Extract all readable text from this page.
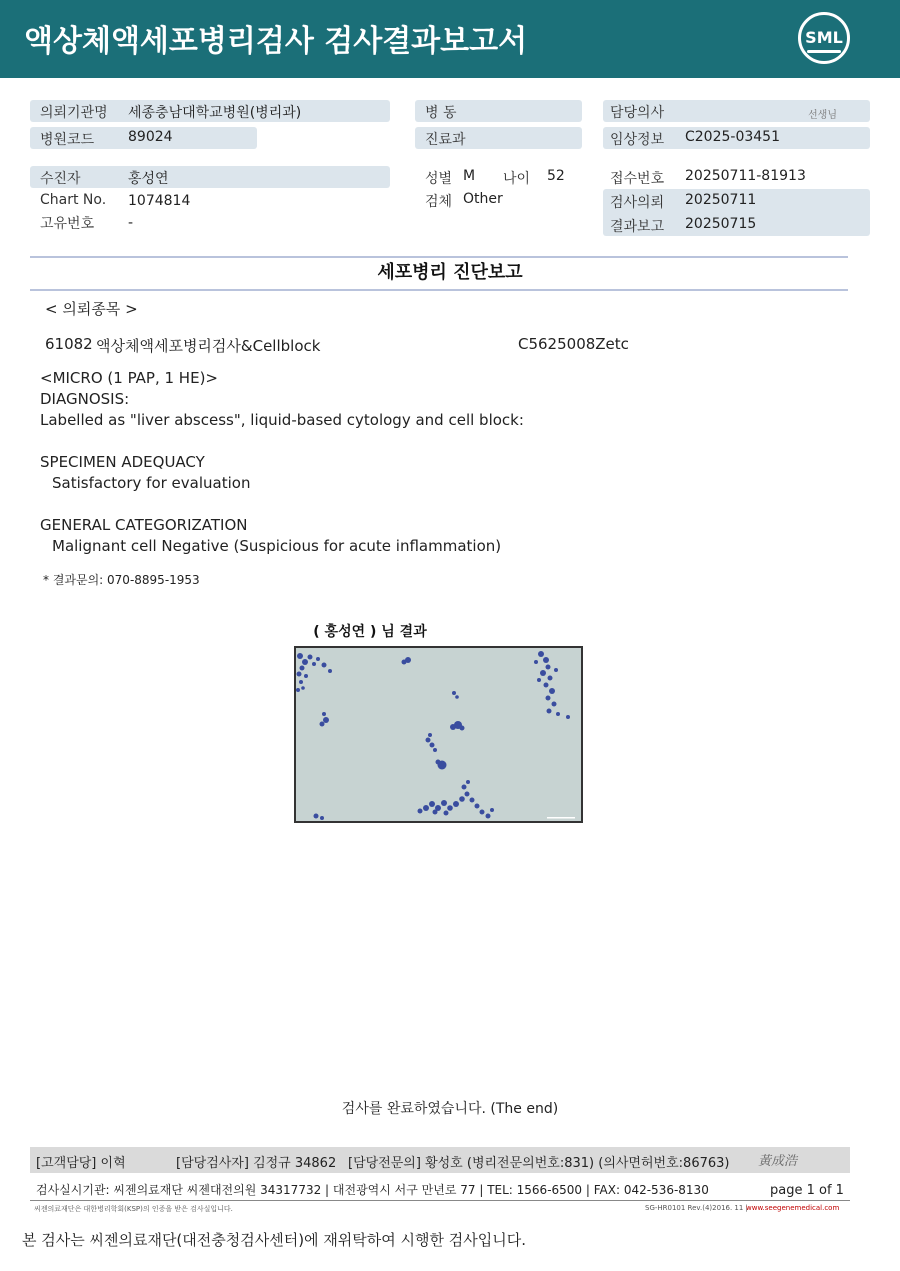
액상체액세포병리검사 검사결과보고서	SML
의뢰기관명 세종충남대학교병원(병리과)
병원코드 89024
수진자	홍성연
Chart No. 1074814
고유번호 -
병 동
진료과
성별 M 나이 52
검체 Other
담당의사	선생님
임상정보 C2025-03451
접수번호 20250711-81913
검사의뢰 20250711
결과보고 20250715
세포병리 진단보고
< 의뢰종목 >
61082 액상체액세포병리검사&Cellblock	C5625008Zetc
<MICRO (1 PAP, 1 HE)>
DIAGNOSIS:
Labelled as "liver abscess", liquid-based cytology and cell block:
SPECIMEN ADEQUACY
Satisfactory for evaluation
GENERAL CATEGORIZATION
Malignant cell Negative (Suspicious for acute inflammation)
* 결과문의: 070-8895-1953
( 홍성연 ) 님 결과
검사를 완료하였습니다. (The end)
[고객담당] 이혁	[담당검사자] 김정규 34862 [담당전문의] 황성호 (병리전문의번호:831) (의사면허번호:86763) 黃成浩
검사실시기관: 씨젠의료재단 씨젠대전의원 34317732 | 대전광역시 서구 만년로 77 | TEL: 1566-6500 | FAX: 042-536-8130	page 1 of 1
씨젠의료재단은 대한병리학회(KSP)의 인증을 받은 검사실입니다.	SG-HR0101 Rev.(4)2016. 11 |
www.seegenemedical.com
본 검사는 씨젠의료재단(대전충청검사센터)에 재위탁하여 시행한 검사입니다.
